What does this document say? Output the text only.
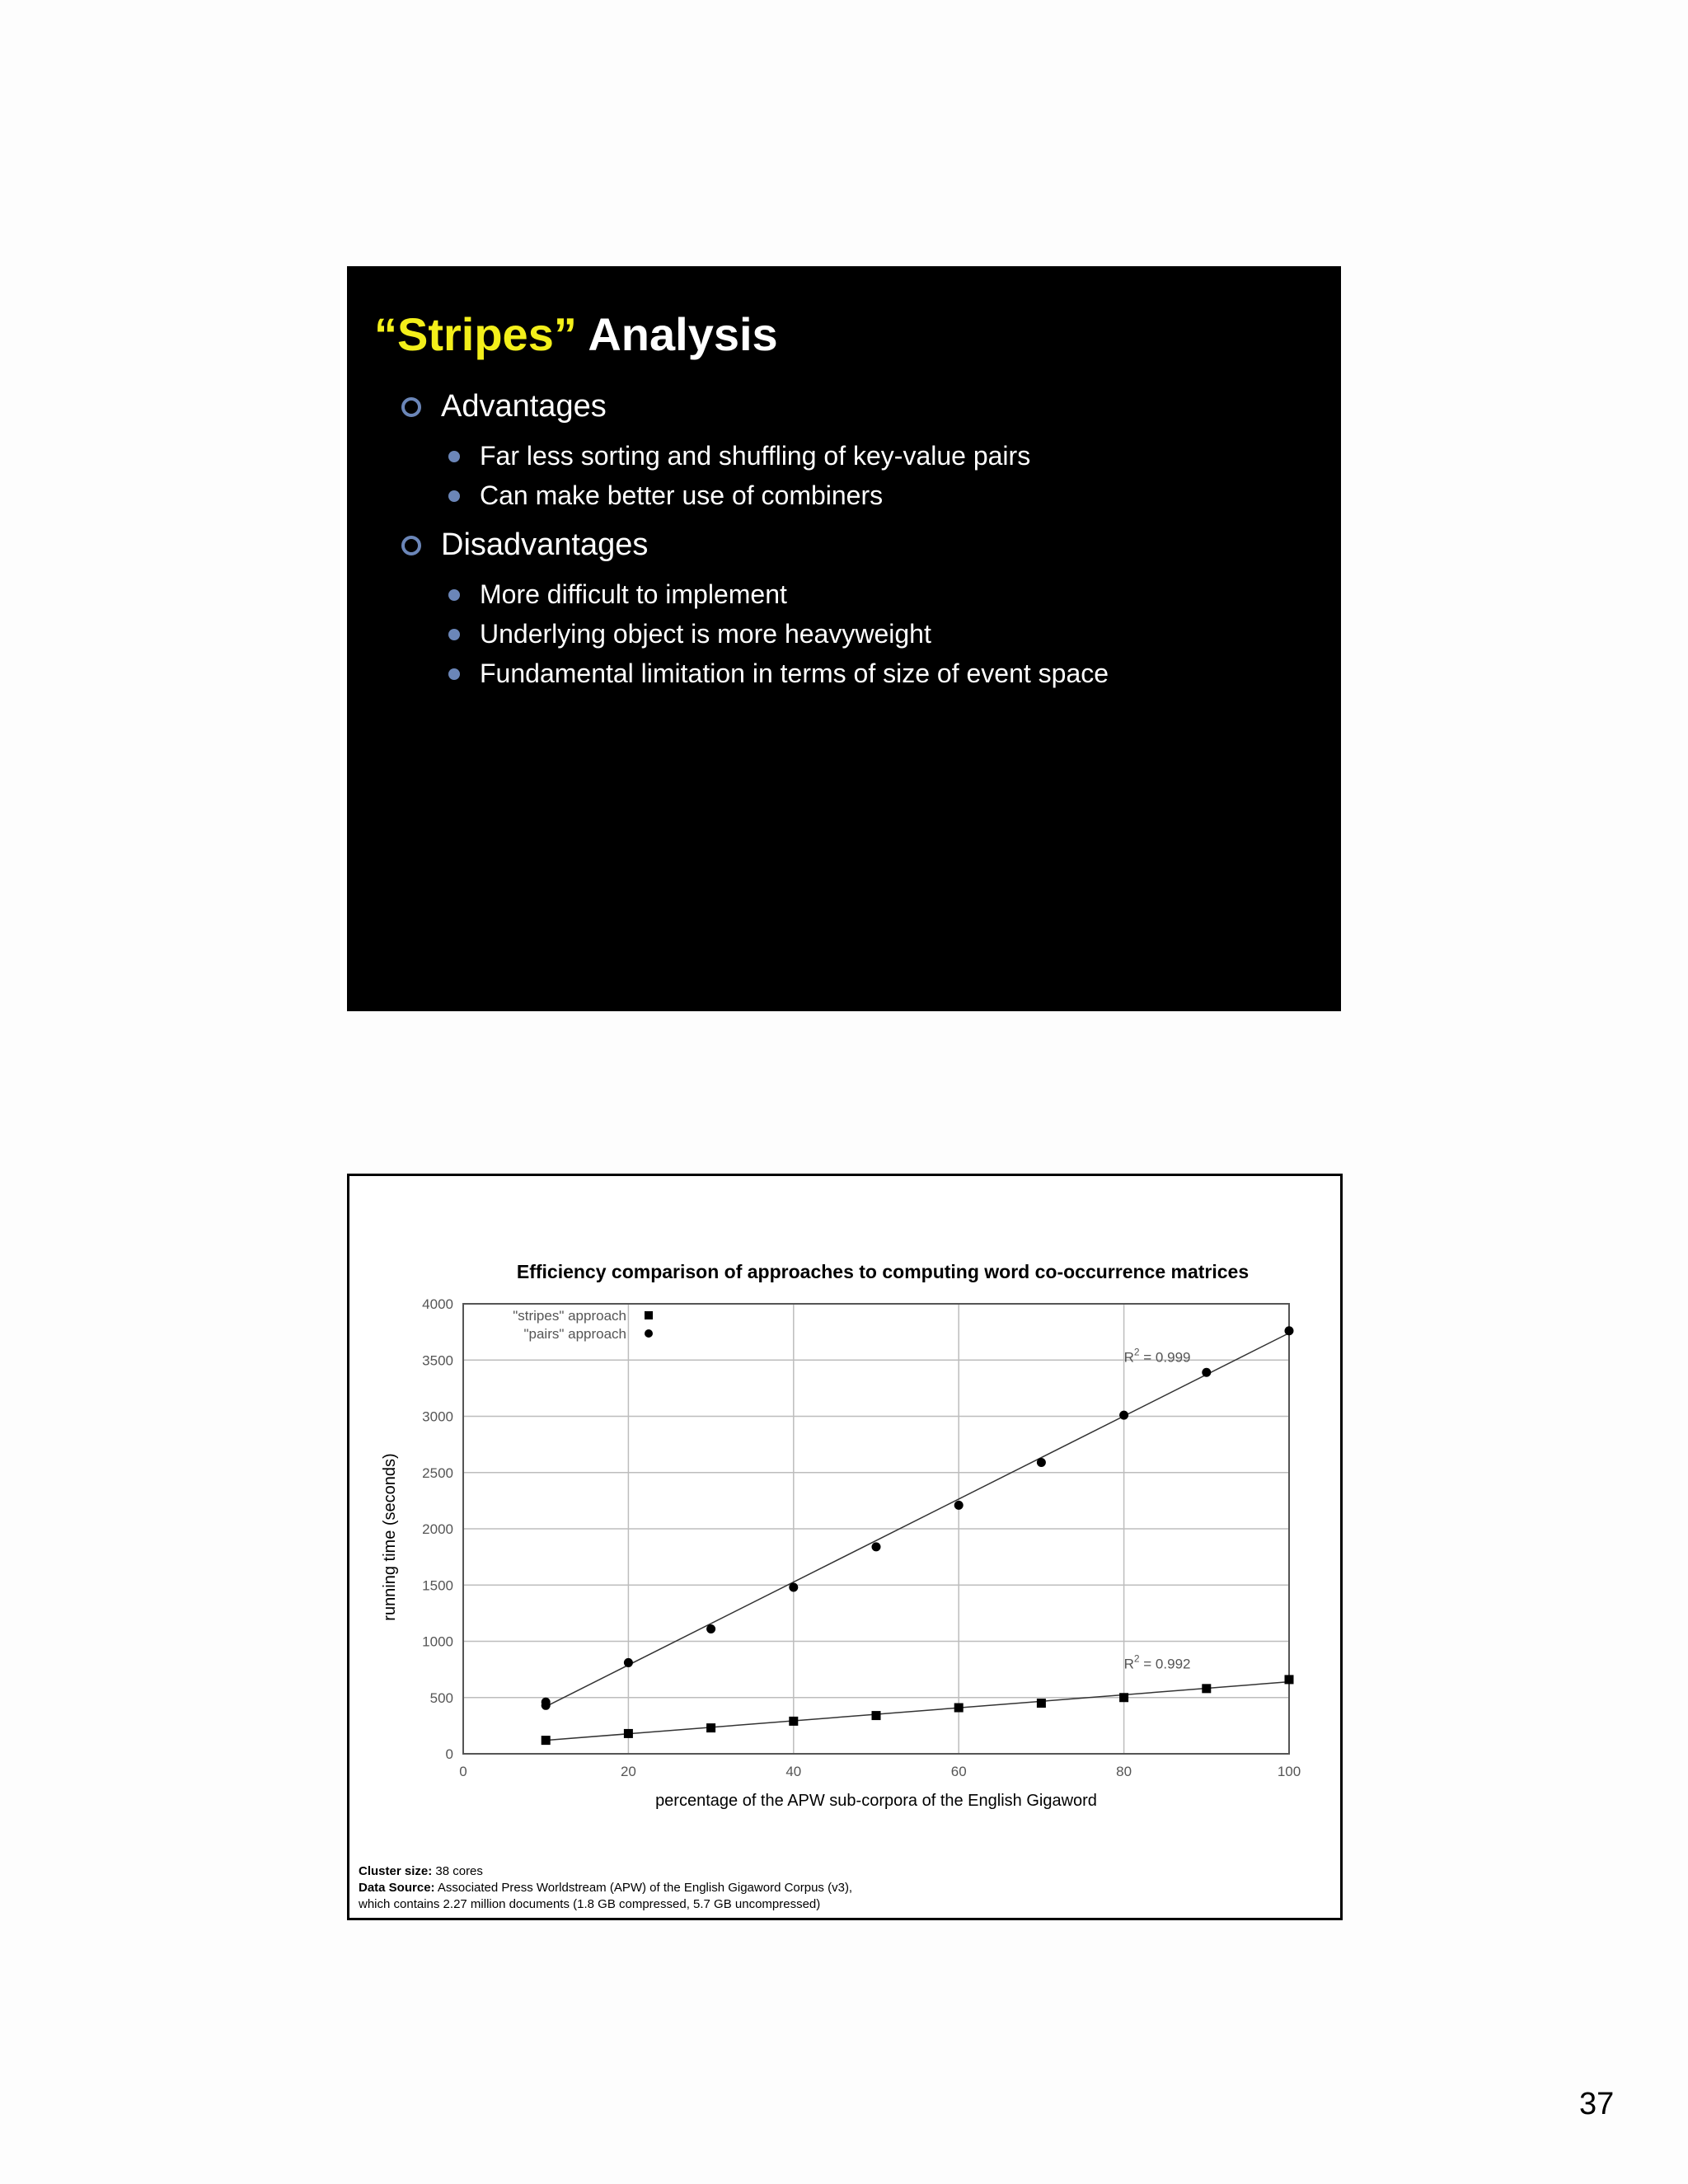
“Stripes” Analysis
Advantages
Far less sorting and shuffling of key-value pairs
Can make better use of combiners
Disadvantages
More difficult to implement
Underlying object is more heavyweight
Fundamental limitation in terms of size of event space
Efficiency comparison of approaches to computing word co-occurrence matrices
0	20	40	60	80	100
0
500
1000
1500
2000
2500
3000
3500
4000
percentage of the APW sub-corpora of the English Gigaword
running time (seconds)
$R^2 = 0.992$
"stripes" approach
$R^2 = 0.999$
"pairs" approach
Cluster size: 38 cores
Data Source: Associated Press Worldstream (APW) of the English Gigaword Corpus (v3),
which contains 2.27 million documents (1.8 GB compressed, 5.7 GB uncompressed)
37
